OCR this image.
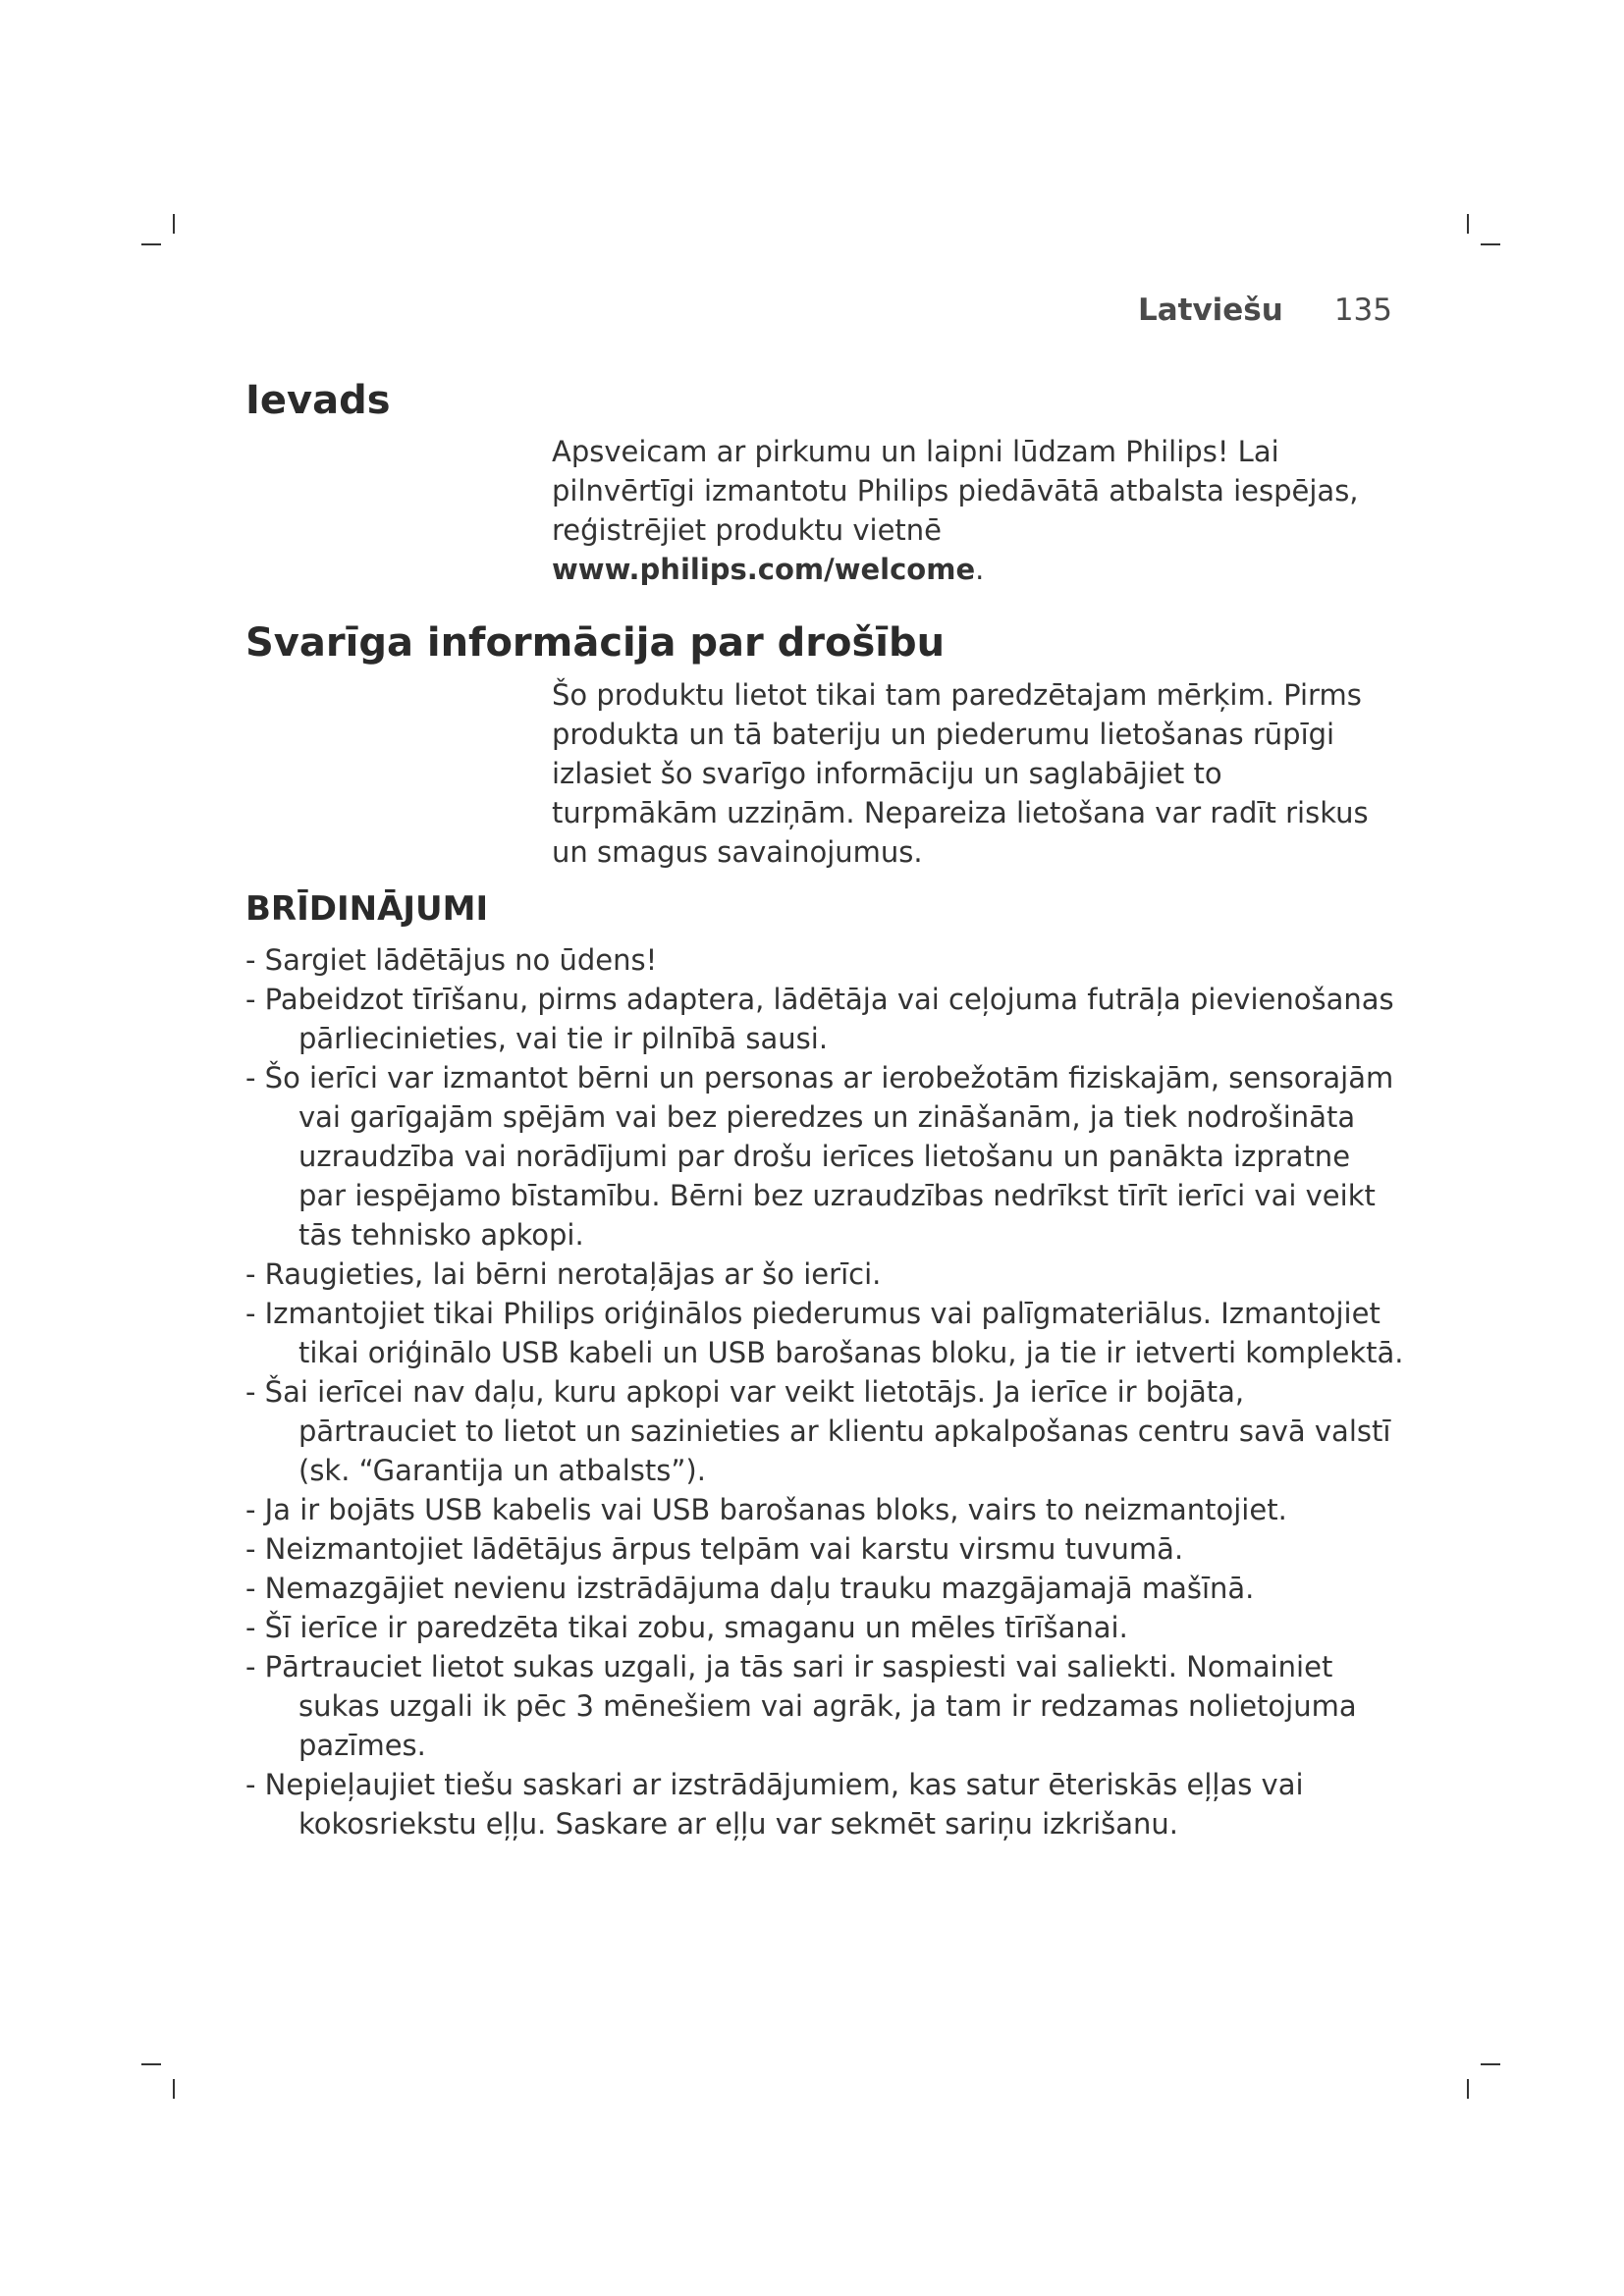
Latviešu 135
Ievads

Apsveicam ar pirkumu un laipni lūdzam Philips! Lai

pilnvērtīgi izmantotu Philips piedāvātā atbalsta iespējas,

reģistrējiet produktu vietnē

www.philips.com/welcome.

Svarīga informācija par drošību

Šo produktu lietot tikai tam paredzētajam mērķim. Pirms

produkta un tā bateriju un piederumu lietošanas rūpīgi

izlasiet šo svarīgo informāciju un saglabājiet to

turpmākām uzziņām. Nepareiza lietošana var radīt riskus

un smagus savainojumus.

BRĪDINĀJUMI
- Sargiet lādētājus no ūdens!
- Pabeidzot tīrīšanu, pirms adaptera, lādētāja vai ceļojuma futrāļa pievienošanas pārliecinieties, vai tie ir pilnībā sausi.
- Šo ierīci var izmantot bērni un personas ar ierobežotām fiziskajām, sensorajām vai garīgajām spējām vai bez pieredzes un zināšanām, ja tiek nodrošināta uzraudzība vai norādījumi par drošu ierīces lietošanu un panākta izpratne par iespējamo bīstamību. Bērni bez uzraudzības nedrīkst tīrīt ierīci vai veikt tās tehnisko apkopi.
- Raugieties, lai bērni nerotaļājas ar šo ierīci.
- Izmantojiet tikai Philips oriģinālos piederumus vai palīgmateriālus. Izmantojiet tikai oriģinālo USB kabeli un USB barošanas bloku, ja tie ir ietverti komplektā.
- Šai ierīcei nav daļu, kuru apkopi var veikt lietotājs. Ja ierīce ir bojāta, pārtrauciet to lietot un sazinieties ar klientu apkalpošanas centru savā valstī (sk. “Garantija un atbalsts”).
- Ja ir bojāts USB kabelis vai USB barošanas bloks, vairs to neizmantojiet.
- Neizmantojiet lādētājus ārpus telpām vai karstu virsmu tuvumā.
- Nemazgājiet nevienu izstrādājuma daļu trauku mazgājamajā mašīnā.
- Šī ierīce ir paredzēta tikai zobu, smaganu un mēles tīrīšanai.
- Pārtrauciet lietot sukas uzgali, ja tās sari ir saspiesti vai saliekti. Nomainiet sukas uzgali ik pēc 3 mēnešiem vai agrāk, ja tam ir redzamas nolietojuma pazīmes.
- Nepieļaujiet tiešu saskari ar izstrādājumiem, kas satur ēteriskās eļļas vai kokosriekstu eļļu. Saskare ar eļļu var sekmēt sariņu izkrišanu.
